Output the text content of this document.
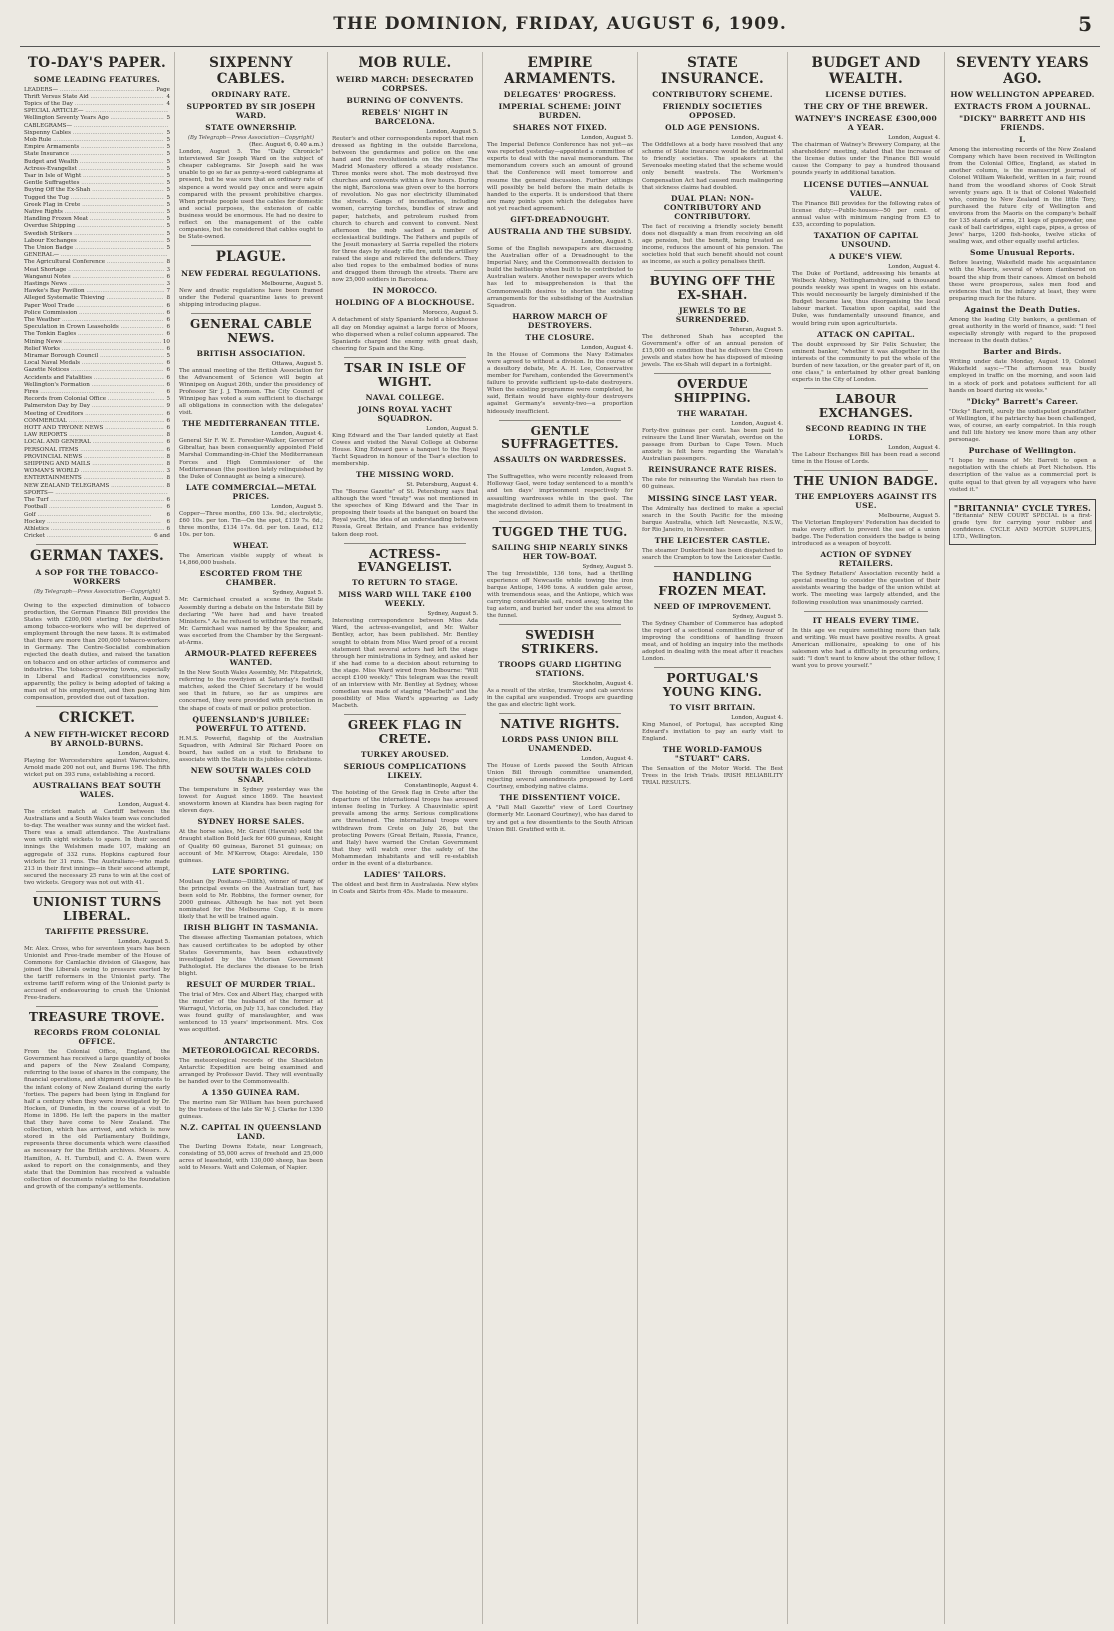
THE DOMINION, FRIDAY, AUGUST 6, 1909.	5
TO-DAY'S PAPER.
SOME LEADING FEATURES.
LEADERS— .....	Page
Thrift Versus State Aid .....	4
Topics of the Day .....	4
SPECIAL ARTICLE— .....
Wellington Seventy Years Ago .....	5
CABLEGRAMS— .....
Sixpenny Cables .....	5
Mob Rule .....	5
Empire Armaments .....	5
State Insurance .....	5
Budget and Wealth .....	5
Actress-Evangelist .....	5
Tsar in Isle of Wight .....	5
Gentle Suffragettes .....	5
Buying Off the Ex-Shah .....	5
Tugged the Tug .....	5
Greek Flag in Crete .....	5
Native Rights .....	5
Handling Frozen Meat .....	5
Overdue Shipping .....	5
Swedish Strikers .....	5
Labour Exchanges .....	5
The Union Badge .....	5
GENERAL— .....
The Agricultural Conference .....	8
Meat Shortage .....	3
Wanganui Notes .....	6
Hastings News .....	3
Hawke's Bay Pavilion .....	7
Alleged Systematic Thieving .....	8
Paper Wool Trade .....	6
Police Commission .....	6
The Weather .....	6
Speculation in Crown Leaseholds .....	6
The Tonkin Eagles .....	6
Mining News .....	10
Relief Works .....	6
Miramar Borough Council .....	5
Local Naval Medals .....	6
Gazette Notices .....	6
Accidents and Fatalities .....	6
Wellington's Formation .....	6
Fires .....	6
Records from Colonial Office .....	5
Palmerston Day by Day .....	9
Meeting of Creditors .....	6
COMMERCIAL .....	6
HOTT AND TRYONE NEWS .....	6
LAW REPORTS .....	8
LOCAL AND GENERAL .....	6
PERSONAL ITEMS .....	6
PROVINCIAL NEWS .....	8
SHIPPING AND MAILS .....	8
WOMAN'S WORLD .....	3
ENTERTAINMENTS .....	8
NEW ZEALAND TELEGRAMS .....	8
SPORTS— .....
The Turf .....	6
Football .....	6
Golf .....	6
Hockey .....	6
Athletics .....	6
Cricket .....	6 and
GERMAN TAXES.
A SOP FOR THE TOBACCO-WORKERS
(By Telegraph—Press Association—Copyright)
Berlin, August 5.
Owing to the expected diminution of tobacco production, the German Finance Bill provides the States with £200,000 sterling for distribution among tobacco-workers who will be deprived of employment through the new taxes. It is estimated that there are more than 200,000 tobacco-workers in Germany. The Centre-Socialist combination rejected the death duties, and raised the taxation on tobacco and on other articles of commerce and industries. The tobacco-growing towns, especially in Liberal and Radical constituencies now, apparently, the policy is being adopted of taking a man out of his employment, and then paying him compensation, provided due out of taxation.
CRICKET.
A NEW FIFTH-WICKET RECORD BY ARNOLD-BURNS.
London, August 4.
Playing for Worcestershire against Warwickshire, Arnold made 200 not out, and Burns 196. The fifth wicket put on 393 runs, establishing a record.
AUSTRALIANS BEAT SOUTH WALES.
London, August 4.
The cricket match at Cardiff between the Australians and a South Wales team was concluded to-day. The weather was sunny and the wicket fast. There was a small attendance. The Australians won with eight wickets to spare. In their second innings the Welshmen made 107, making an aggregate of 332 runs. Hopkins captured four wickets for 31 runs. The Australians—who made 213 in their first innings—in their second attempt, secured the necessary 25 runs to win at the cost of two wickets. Gregory was not out with 41.
UNIONIST TURNS LIBERAL.
TARIFFITE PRESSURE.
London, August 5.
Mr. Alex. Cross, who for seventeen years has been Unionist and Free-trade member of the House of Commons for Camlachie division of Glasgow, has joined the Liberals owing to pressure exerted by the tariff reformers in the Unionist party. The extreme tariff reform wing of the Unionist party is accused of endeavouring to crush the Unionist Free-traders.
TREASURE TROVE.
RECORDS FROM COLONIAL OFFICE.
From the Colonial Office, England, the Government has received a large quantity of books and papers of the New Zealand Company, referring to the issue of shares in the company, the financial operations, and shipment of emigrants to the infant colony of New Zealand during the early 'forties. The papers had been lying in England for half a century when they were investigated by Dr. Hocken, of Dunedin, in the course of a visit to Home in 1896. He left the papers in the matter that they have come to New Zealand. The collection, which has arrived, and which is now stored in the old Parliamentary Buildings, represents three documents which were classified as necessary for the British archives. Messrs. A. Hamilton, A. H. Turnbull, and C. A. Ewen were asked to report on the consignments, and they state that the Dominion has received a valuable collection of documents relating to the foundation and growth of the company's settlements.
SIXPENNY CABLES.
ORDINARY RATE.
SUPPORTED BY SIR JOSEPH WARD.
STATE OWNERSHIP.
(By Telegraph—Press Association—Copyright)
(Rec. August 6, 0.40 a.m.)
London, August 5. The "Daily Chronicle" interviewed Sir Joseph Ward on the subject of cheaper cablegrams. Sir Joseph said he was unable to go so far as penny-a-word cablegrams at present, but he was sure that an ordinary rate of sixpence a word would pay once and were again compared with the present prohibitive charges. When private people used the cables for domestic and social purposes, the extension of cable business would be enormous. He had no desire to reflect on the management of the cable companies, but he considered that cables ought to be State-owned.
PLAGUE.
NEW FEDERAL REGULATIONS.
Melbourne, August 5.
New and drastic regulations have been framed under the Federal quarantine laws to prevent shipping introducing plague.
GENERAL CABLE NEWS.
BRITISH ASSOCIATION.
Ottawa, August 5.
The annual meeting of the British Association for the Advancement of Science will begin at Winnipeg on August 26th, under the presidency of Professor Sir J. J. Thomson. The City Council of Winnipeg has voted a sum sufficient to discharge all obligations in connection with the delegates' visit.
THE MEDITERRANEAN TITLE.
London, August 4.
General Sir F. W. E. Forestier-Walker, Governor of Gibraltar, has been consequently appointed Field Marshal Commanding-in-Chief the Mediterranean Forces and High Commissioner of the Mediterranean (the position lately relinquished by the Duke of Connaught as being a sinecure).
LATE COMMERCIAL—METAL PRICES.
London, August 5.
Copper—Three months, £60 13s. 9d.; electrolytic, £60 10s. per ton. Tin—On the spot, £139 7s. 6d.; three months, £134 17s. 6d. per ton. Lead, £12 10s. per ton.
WHEAT.
The American visible supply of wheat is 14,866,000 bushels.
ESCORTED FROM THE CHAMBER.
Sydney, August 5.
Mr. Carmichael created a scene in the State Assembly during a debate on the Interstate Bill by declaring "We have had and have treated Ministers." As he refused to withdraw the remark, Mr. Carmichael was named by the Speaker, and was escorted from the Chamber by the Sergeant-at-Arms.
ARMOUR-PLATED REFEREES WANTED.
In the New South Wales Assembly, Mr. Fitzpatrick, referring to the rowdyism at Saturday's football matches, asked the Chief Secretary if he would see that in future, so far as umpires are concerned, they were provided with protection in the shape of coats of mail or police protection.
QUEENSLAND'S JUBILEE: POWERFUL TO ATTEND.
H.M.S. Powerful, flagship of the Australian Squadron, with Admiral Sir Richard Poore on board, has sailed on a visit to Brisbane to associate with the State in its jubilee celebrations.
NEW SOUTH WALES COLD SNAP.
The temperature in Sydney yesterday was the lowest for August since 1869. The heaviest snowstorm known at Kiandra has been raging for eleven days.
SYDNEY HORSE SALES.
At the horse sales, Mr. Grant (Haverah) sold the draught stallion Bold Jack for 600 guineas, Knight of Quality 60 guineas, Baronet 51 guineas; on account of Mr. M'Kerrow, Otago: Airedale, 150 guineas.
LATE SPORTING.
Moulsan (by Positano—Dilith), winner of many of the principal events on the Australian turf, has been sold to Mr. Robbins, the former owner, for 2000 guineas. Although he has not yet been nominated for the Melbourne Cup, it is more likely that he will be trained again.
IRISH BLIGHT IN TASMANIA.
The disease affecting Tasmanian potatoes, which has caused certificates to be adopted by other States Governments, has been exhaustively investigated by the Victorian Government Pathologist. He declares the disease to be Irish blight.
RESULT OF MURDER TRIAL.
The trial of Mrs. Cox and Albert Hay, charged with the murder of the husband of the former at Warragul, Victoria, on July 13, has concluded. Hay was found guilty of manslaughter, and was sentenced to 15 years' imprisonment. Mrs. Cox was acquitted.
ANTARCTIC METEOROLOGICAL RECORDS.
The meteorological records of the Shackleton Antarctic Expedition are being examined and arranged by Professor David. They will eventually be handed over to the Commonwealth.
A 1350 GUINEA RAM.
The merino ram Sir William has been purchased by the trustees of the late Sir W. J. Clarke for 1350 guineas.
N.Z. CAPITAL IN QUEENSLAND LAND.
The Darling Downs Estate, near Longreach, consisting of 55,000 acres of freehold and 25,000 acres of leasehold, with 130,000 sheep, has been sold to Messrs. Watt and Coleman, of Napier.
MOB RULE.
WEIRD MARCH: DESECRATED CORPSES.
BURNING OF CONVENTS.
REBELS' NIGHT IN BARCELONA.
London, August 5.
Reuter's and other correspondents report that men dressed as fighting in the outside Barcelona, between the gendarmes and police on the one hand and the revolutionists on the other. The Madrid Monastery offered a steady resistance. Three monks were shot. The mob destroyed five churches and convents within a few hours. During the night, Barcelona was given over to the horrors of revolution. No gas nor electricity illuminated the streets. Gangs of incendiaries, including women, carrying torches, bundles of straw and paper, hatchets, and petroleum rushed from church to church and convent to convent. Next afternoon the mob sacked a number of ecclesiastical buildings. The Fathers and pupils of the Jesuit monastery at Sarria repelled the rioters for three days by steady rifle fire, until the artillery raised the siege and relieved the defenders. They also tied ropes to the embalmed bodies of nuns and dragged them through the streets. There are now 25,000 soldiers in Barcelona.
IN MOROCCO.
HOLDING OF A BLOCKHOUSE.
Morocco, August 5.
A detachment of sixty Spaniards held a blockhouse all day on Monday against a large force of Moors, who dispersed when a relief column appeared. The Spaniards charged the enemy with great dash, cheering for Spain and the King.
TSAR IN ISLE OF WIGHT.
NAVAL COLLEGE.
JOINS ROYAL YACHT SQUADRON.
London, August 5.
King Edward and the Tsar landed quietly at East Cowes and visited the Naval College at Osborne House. King Edward gave a banquet to the Royal Yacht Squadron in honour of the Tsar's election to membership.
THE MISSING WORD.
St. Petersburg, August 4.
The "Bourse Gazette" of St. Petersburg says that although the word "treaty" was not mentioned in the speeches of King Edward and the Tsar in proposing their toasts at the banquet on board the Royal yacht, the idea of an understanding between Russia, Great Britain, and France has evidently taken deep root.
ACTRESS-EVANGELIST.
TO RETURN TO STAGE.
MISS WARD WILL TAKE £100 WEEKLY.
Sydney, August 5.
Interesting correspondence between Miss Ada Ward, the actress-evangelist, and Mr. Walter Bentley, actor, has been published. Mr. Bentley sought to obtain from Miss Ward proof of a recent statement that several actors had left the stage through her ministrations in Sydney, and asked her if she had come to a decision about returning to the stage. Miss Ward wired from Melbourne: "Will accept £100 weekly." This telegram was the result of an interview with Mr. Bentley at Sydney, whose comedian was made of staging "Macbeth" and the possibility of Miss Ward's appearing as Lady Macbeth.
GREEK FLAG IN CRETE.
TURKEY AROUSED.
SERIOUS COMPLICATIONS LIKELY.
Constantinople, August 4.
The hoisting of the Greek flag in Crete after the departure of the international troops has aroused intense feeling in Turkey. A Chauvinistic spirit prevails among the army. Serious complications are threatened. The international troops were withdrawn from Crete on July 26, but the protecting Powers (Great Britain, Russia, France, and Italy) have warned the Cretan Government that they will watch over the safety of the Mohammedan inhabitants and will re-establish order in the event of a disturbance.
LADIES' TAILORS.
The oldest and best firm in Australasia. New styles in Coats and Skirts from 45s. Made to measure.
EMPIRE ARMAMENTS.
DELEGATES' PROGRESS.
IMPERIAL SCHEME: JOINT BURDEN.
SHARES NOT FIXED.
London, August 5.
The Imperial Defence Conference has not yet—as was reported yesterday—appointed a committee of experts to deal with the naval memorandum. The memorandum covers such an amount of ground that the Conference will meet tomorrow and resume the general discussion. Further sittings will possibly be held before the main details is handed to the experts. It is understood that there are many points upon which the delegates have not yet reached agreement.
GIFT-DREADNOUGHT.
AUSTRALIA AND THE SUBSIDY.
London, August 5.
Some of the English newspapers are discussing the Australian offer of a Dreadnought to the Imperial Navy, and the Commonwealth decision to build the battleship when built to be contributed to Australian waters. Another newspaper avers which has led to misapprehension is that the Commonwealth desires to shorten the existing arrangements for the subsidising of the Australian Squadron.
HARROW MARCH OF DESTROYERS.
THE CLOSURE.
London, August 4.
In the House of Commons the Navy Estimates were agreed to without a division. In the course of a desultory debate, Mr. A. H. Lee, Conservative member for Fareham, contended the Government's failure to provide sufficient up-to-date destroyers. When the existing programme were completed, he said, Britain would have eighty-four destroyers against Germany's seventy-two—a proportion hideously insufficient.
GENTLE SUFFRAGETTES.
ASSAULTS ON WARDRESSES.
London, August 5.
The Suffragettes, who were recently released from Holloway Gaol, were today sentenced to a month's and ten days' imprisonment respectively for assaulting wardresses while in the gaol. The magistrate declined to admit them to treatment in the second division.
TUGGED THE TUG.
SAILING SHIP NEARLY SINKS HER TOW-BOAT.
Sydney, August 5.
The tug Irresistible, 136 tons, had a thrilling experience off Newcastle while towing the iron barque Antiope, 1496 tons. A sudden gale arose, with tremendous seas, and the Antiope, which was carrying considerable sail, raced away, towing the tug astern, and buried her under the sea almost to the funnel.
SWEDISH STRIKERS.
TROOPS GUARD LIGHTING STATIONS.
Stockholm, August 4.
As a result of the strike, tramway and cab services in the capital are suspended. Troops are guarding the gas and electric light work.
NATIVE RIGHTS.
LORDS PASS UNION BILL UNAMENDED.
London, August 4.
The House of Lords passed the South African Union Bill through committee unamended, rejecting several amendments proposed by Lord Courtney, embodying native claims.
THE DISSENTIENT VOICE.
A "Pall Mall Gazette" view of Lord Courtney (formerly Mr. Leonard Courtney), who has dared to try and get a few dissentients to the South African Union Bill. Gratified with it.
STATE INSURANCE.
CONTRIBUTORY SCHEME.
FRIENDLY SOCIETIES OPPOSED.
OLD AGE PENSIONS.
London, August 4.
The Oddfellows at a body have resolved that any scheme of State insurance would be detrimental to friendly societies. The speakers at the Sevenoaks meeting stated that the scheme would only benefit wastrels. The Workmen's Compensation Act had caused much malingering that sickness claims had doubled.
DUAL PLAN: NON-CONTRIBUTORY AND CONTRIBUTORY.
The fact of receiving a friendly society benefit does not disqualify a man from receiving an old age pension, but the benefit, being treated as income, reduces the amount of his pension. The societies hold that such benefit should not count as income, as such a policy penalises thrift.
BUYING OFF THE EX-SHAH.
JEWELS TO BE SURRENDERED.
Teheran, August 5.
The dethroned Shah has accepted the Government's offer of an annual pension of £15,000 on condition that he delivers the Crown jewels and states how he has disposed of missing jewels. The ex-Shah will depart in a fortnight.
OVERDUE SHIPPING.
THE WARATAH.
London, August 4.
Forty-five guineas per cent. has been paid to reinsure the Lund liner Waratah, overdue on the passage from Durban to Cape Town. Much anxiety is felt here regarding the Waratah's Australian passengers.
REINSURANCE RATE RISES.
The rate for reinsuring the Waratah has risen to 60 guineas.
MISSING SINCE LAST YEAR.
The Admiralty has declined to make a special search in the South Pacific for the missing barque Australia, which left Newcastle, N.S.W., for Rio Janeiro, in November.
THE LEICESTER CASTLE.
The steamer Dunkerfield has been dispatched to search the Crampton to tow the Leicester Castle.
HANDLING FROZEN MEAT.
NEED OF IMPROVEMENT.
Sydney, August 5.
The Sydney Chamber of Commerce has adopted the report of a sectional committee in favour of improving the conditions of handling frozen meat, and of holding an inquiry into the methods adopted in dealing with the meat after it reaches London.
PORTUGAL'S YOUNG KING.
TO VISIT BRITAIN.
London, August 4.
King Manoel, of Portugal, has accepted King Edward's invitation to pay an early visit to England.
THE WORLD-FAMOUS "STUART" CARS.
The Sensation of the Motor World. The Best Trees in the Irish Trials. IRISH RELIABILITY TRIAL RESULTS.
BUDGET AND WEALTH.
LICENSE DUTIES.
THE CRY OF THE BREWER.
WATNEY'S INCREASE £300,000 A YEAR.
London, August 4.
The chairman of Watney's Brewery Company, at the shareholders' meeting, stated that the increase of the license duties under the Finance Bill would cause the Company to pay a hundred thousand pounds yearly in additional taxation.
LICENSE DUTIES—ANNUAL VALUE.
The Finance Bill provides for the following rates of license duty:—Public-houses—50 per cent. of annual value with minimum ranging from £5 to £35, according to population.
TAXATION OF CAPITAL UNSOUND.
A DUKE'S VIEW.
London, August 4.
The Duke of Portland, addressing his tenants at Welbeck Abbey, Nottinghamshire, said a thousand pounds weekly was spent in wages on his estate. This would necessarily be largely diminished if the Budget became law, thus disorganising the local labour market. Taxation upon capital, said the Duke, was fundamentally unsound finance, and would bring ruin upon agriculturists.
ATTACK ON CAPITAL.
The doubt expressed by Sir Felix Schuster, the eminent banker, "whether it was altogether in the interests of the community to put the whole of the burden of new taxation, or the greater part of it, on one class," is entertained by other great banking experts in the City of London.
LABOUR EXCHANGES.
SECOND READING IN THE LORDS.
London, August 4.
The Labour Exchanges Bill has been read a second time in the House of Lords.
THE UNION BADGE.
THE EMPLOYERS AGAINST ITS USE.
Melbourne, August 5.
The Victorian Employers' Federation has decided to make every effort to prevent the use of a union badge. The Federation considers the badge is being introduced as a weapon of boycott.
ACTION OF SYDNEY RETAILERS.
The Sydney Retailers' Association recently held a special meeting to consider the question of their assistants wearing the badge of the union whilst at work. The meeting was largely attended, and the following resolution was unanimously carried.
IT HEALS EVERY TIME.
In this age we require something more than talk and writing. We must have positive results. A great American millionaire, speaking to one of his salesmen who had a difficulty in procuring orders, said: "I don't want to know about the other fellow, I want you to prove yourself."
SEVENTY YEARS AGO.
HOW WELLINGTON APPEARED.
EXTRACTS FROM A JOURNAL.
"DICKY" BARRETT AND HIS FRIENDS.
I.
Among the interesting records of the New Zealand Company which have been received in Wellington from the Colonial Office, England, as stated in another column, is the manuscript journal of Colonel William Wakefield, written in a fair, round hand from the woodland shores of Cook Strait seventy years ago. It is that of Colonel Wakefield who, coming to New Zealand in the little Tory, purchased the future city of Wellington and environs from the Maoris on the company's behalf for 135 stands of arms, 21 kegs of gunpowder, one cask of ball cartridges, eight caps, pipes, a gross of Jews' harps, 1200 fish-hooks, twelve sticks of sealing wax, and other equally useful articles.
Some Unusual Reports.
Before leaving, Wakefield made his acquaintance with the Maoris, several of whom clambered on board the ship from their canoes. Almost on behold these were prosperous, sales men food and evidences that in the infancy at least, they were preparing much for the future.
Against the Death Duties.
Among the leading City bankers, a gentleman of great authority in the world of finance, said: "I feel especially strongly with regard to the proposed increase in the death duties."
Barter and Birds.
Writing under date Monday, August 19, Colonel Wakefield says:—"The afternoon was busily employed in traffic on the morning, and soon laid in a stock of pork and potatoes sufficient for all hands on board during six weeks."
"Dicky" Barrett's Career.
"Dicky" Barrett, surely the undisputed grandfather of Wellington, if he patriarchy has been challenged, was, of course, an early compatriot. In this rough and full life history we know more than any other personage.
Purchase of Wellington.
"I hope by means of Mr. Barrett to open a negotiation with the chiefs at Port Nicholson. His description of the value as a commercial port is quite equal to that given by all voyagers who have visited it."
"BRITANNIA" CYCLE TYRES.
"Britannia" NEW COURT SPECIAL is a first-grade tyre for carrying your rubber and confidence. CYCLE AND MOTOR SUPPLIES, LTD., Wellington.
